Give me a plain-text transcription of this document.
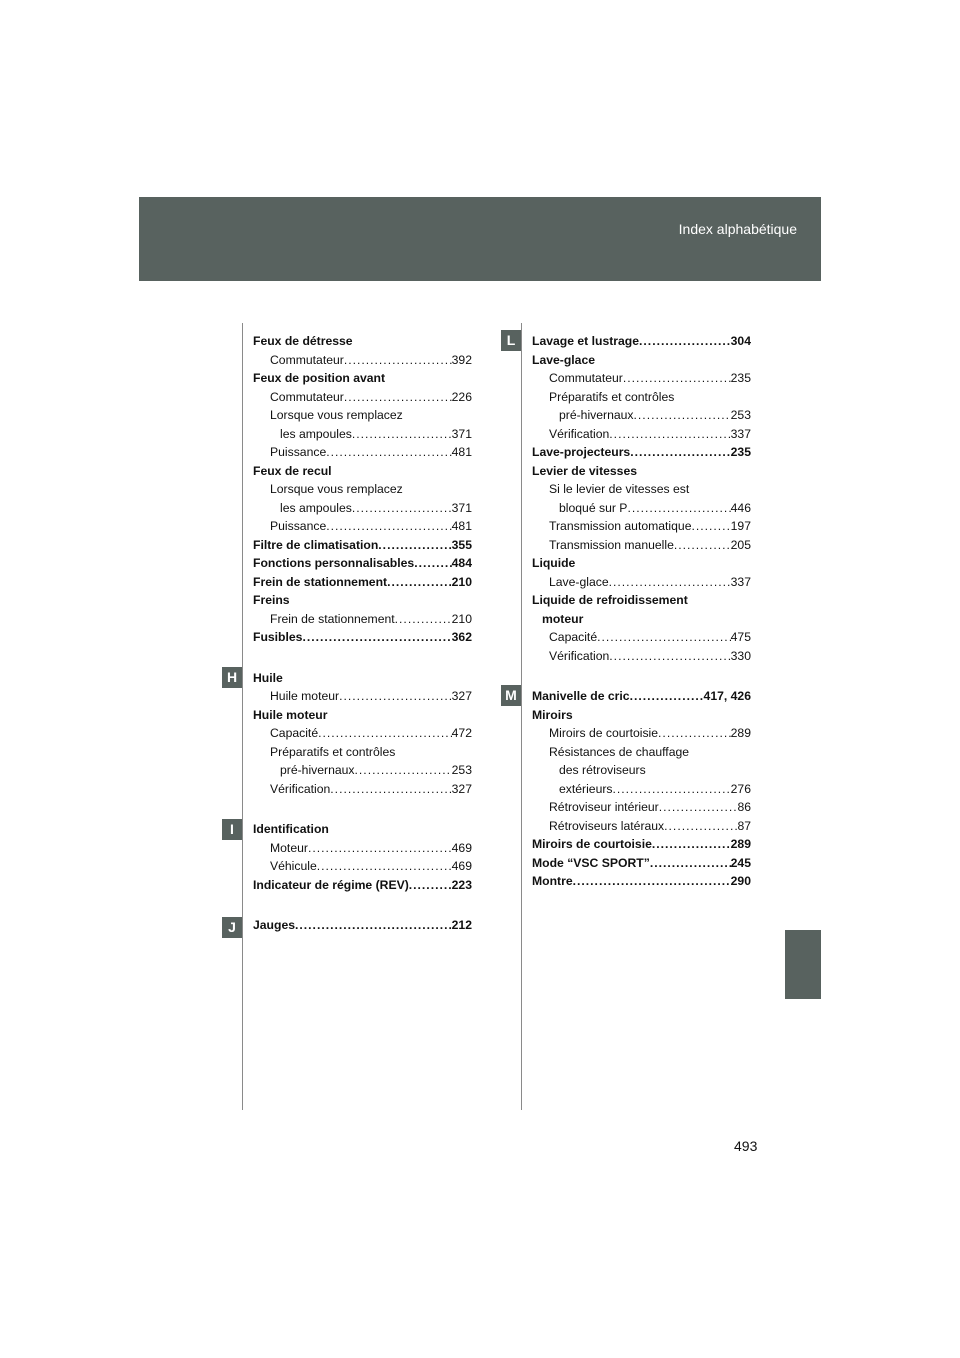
Index alphabétique
H
I
J
L
M
Feux de détresse
Commutateur .....	392
Feux de position avant
Commutateur .....	226
Lorsque vous remplacez
les ampoules .....	371
Puissance .....	481
Feux de recul
Lorsque vous remplacez
les ampoules .....	371
Puissance .....	481
Filtre de climatisation .....	355
Fonctions personnalisables .....	484
Frein de stationnement .....	210
Freins
Frein de stationnement .....	210
Fusibles .....	362
Huile
Huile moteur .....	327
Huile moteur
Capacité .....	472
Préparatifs et contrôles
pré-hivernaux .....	253
Vérification .....	327
Identification
Moteur .....	469
Véhicule .....	469
Indicateur de régime (REV) .....	223
Jauges .....	212
Lavage et lustrage .....	304
Lave-glace
Commutateur .....	235
Préparatifs et contrôles
pré-hivernaux .....	253
Vérification .....	337
Lave-projecteurs .....	235
Levier de vitesses
Si le levier de vitesses est
bloqué sur P .....	446
Transmission automatique .....	197
Transmission manuelle .....	205
Liquide
Lave-glace .....	337
Liquide de refroidissement
moteur
Capacité .....	475
Vérification .....	330
Manivelle de cric .....	417, 426
Miroirs
Miroirs de courtoisie .....	289
Résistances de chauffage
des rétroviseurs
extérieurs .....	276
Rétroviseur intérieur .....	86
Rétroviseurs latéraux .....	87
Miroirs de courtoisie .....	289
Mode “VSC SPORT” .....	245
Montre .....	290
493
